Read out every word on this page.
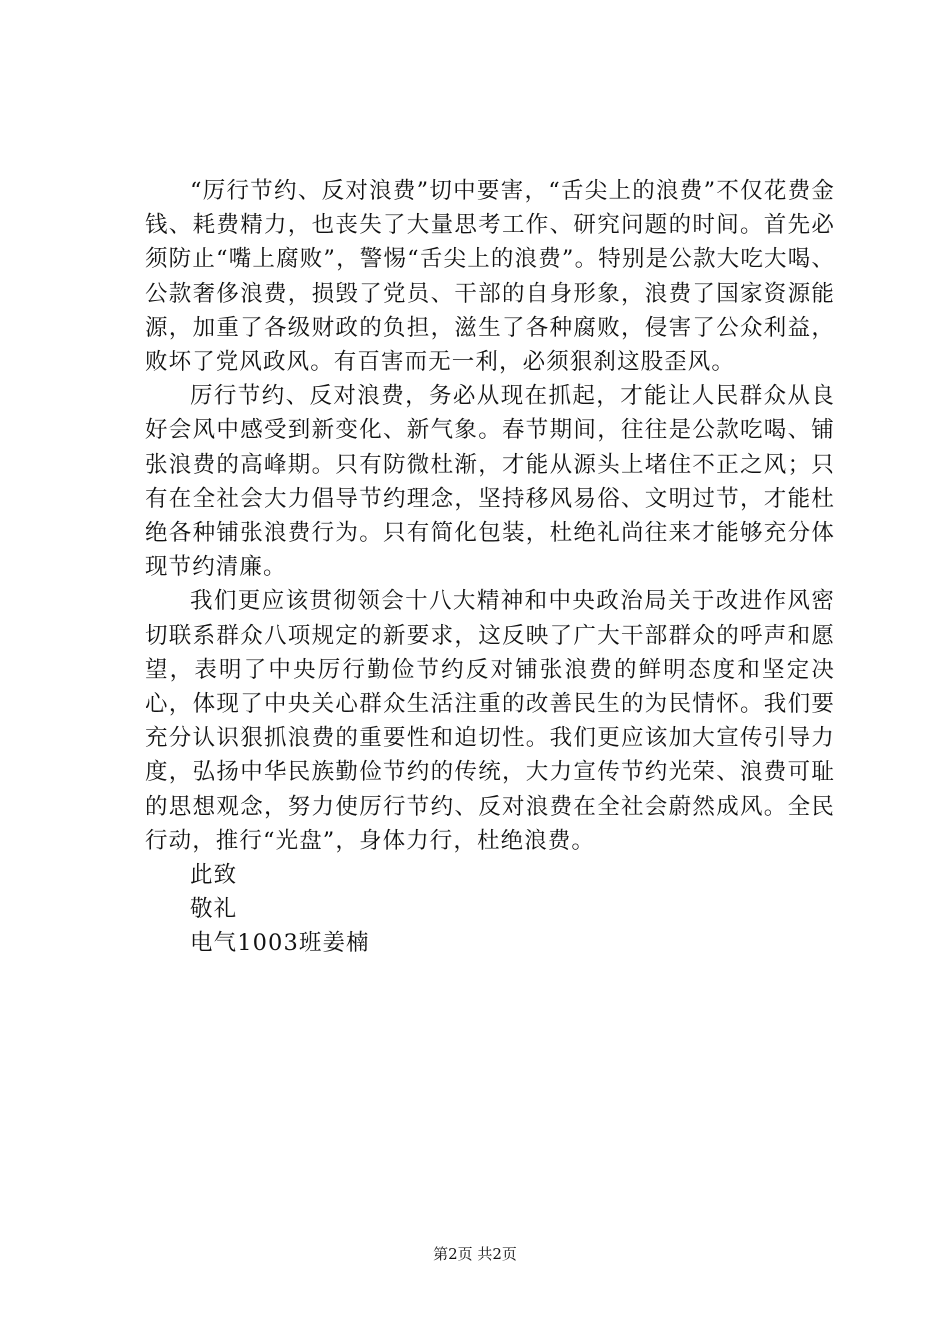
“厉行节约、反对浪费”切中要害，“舌尖上的浪费”不仅花费金钱、耗费精力，也丧失了大量思考工作、研究问题的时间。首先必须防止“嘴上腐败”，警惕“舌尖上的浪费”。特别是公款大吃大喝、公款奢侈浪费，损毁了党员、干部的自身形象，浪费了国家资源能源，加重了各级财政的负担，滋生了各种腐败，侵害了公众利益，败坏了党风政风。有百害而无一利，必须狠刹这股歪风。

厉行节约、反对浪费，务必从现在抓起，才能让人民群众从良好会风中感受到新变化、新气象。春节期间，往往是公款吃喝、铺张浪费的高峰期。只有防微杜渐，才能从源头上堵住不正之风；只有在全社会大力倡导节约理念，坚持移风易俗、文明过节，才能杜绝各种铺张浪费行为。只有简化包装，杜绝礼尚往来才能够充分体现节约清廉。

我们更应该贯彻领会十八大精神和中央政治局关于改进作风密切联系群众八项规定的新要求，这反映了广大干部群众的呼声和愿望，表明了中央厉行勤俭节约反对铺张浪费的鲜明态度和坚定决心，体现了中央关心群众生活注重的改善民生的为民情怀。我们要充分认识狠抓浪费的重要性和迫切性。我们更应该加大宣传引导力度，弘扬中华民族勤俭节约的传统，大力宣传节约光荣、浪费可耻的思想观念，努力使厉行节约、反对浪费在全社会蔚然成风。全民行动，推行“光盘”，身体力行，杜绝浪费。

此致

敬礼

电气1003班姜楠

第2页 共2页
